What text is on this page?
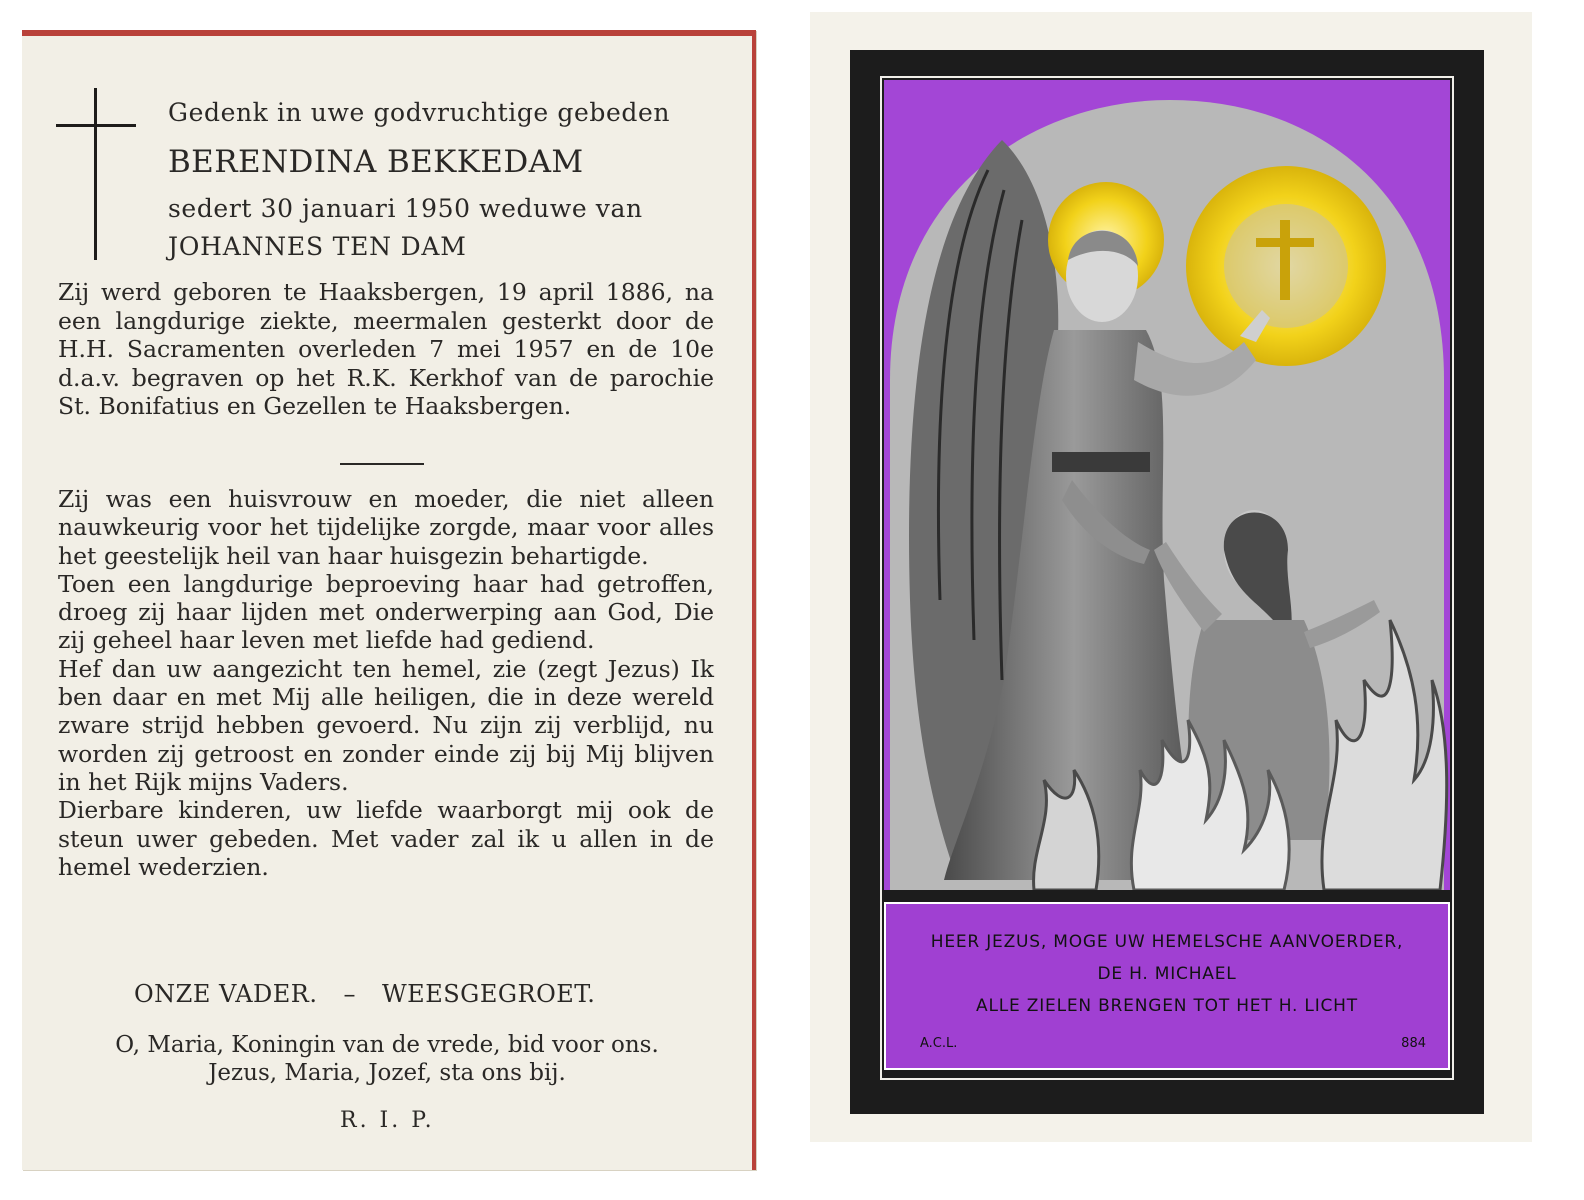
Gedenk in uwe godvruchtige gebeden
BERENDINA BEKKEDAM
sedert 30 januari 1950 weduwe van
JOHANNES TEN DAM
Zij werd geboren te Haaksbergen, 19 april 1886, na een langdurige ziekte, meermalen gesterkt door de H.H. Sacramenten overleden 7 mei 1957 en de 10e d.a.v. begraven op het R.K. Kerkhof van de parochie St. Bonifatius en Gezellen te Haaksbergen.
Zij was een huisvrouw en moeder, die niet alleen nauwkeurig voor het tijdelijke zorgde, maar voor alles het geestelijk heil van haar huisgezin behartigde.
Toen een langdurige beproeving haar had getroffen, droeg zij haar lijden met onderwerping aan God, Die zij geheel haar leven met liefde had gediend.
Hef dan uw aangezicht ten hemel, zie (zegt Jezus) Ik ben daar en met Mij alle heiligen, die in deze wereld zware strijd hebben gevoerd. Nu zijn zij verblijd, nu worden zij getroost en zonder einde zij bij Mij blijven in het Rijk mijns Vaders.
Dierbare kinderen, uw liefde waarborgt mij ook de steun uwer gebeden. Met vader zal ik u allen in de hemel wederzien.
ONZE VADER. – WEESGEGROET.
O, Maria, Koningin van de vrede, bid voor ons.
Jezus, Maria, Jozef, sta ons bij.
R. I. P.
HEER JEZUS, MOGE UW HEMELSCHE AANVOERDER,
DE H. MICHAEL
ALLE ZIELEN BRENGEN TOT HET H. LICHT
A.C.L.	884
